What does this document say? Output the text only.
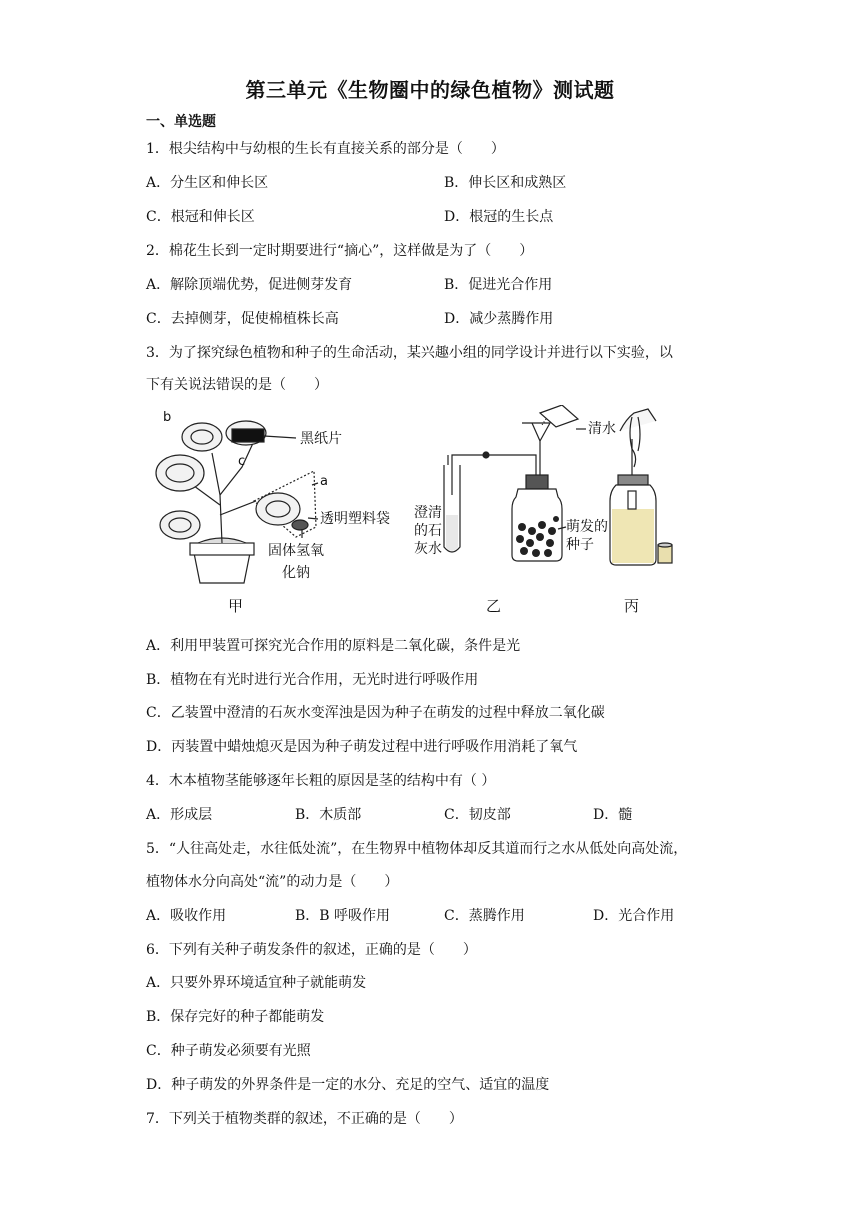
第三单元《生物圈中的绿色植物》测试题
一、单选题
1．根尖结构中与幼根的生长有直接关系的部分是（　　）
A．分生区和伸长区	B．伸长区和成熟区
C．根冠和伸长区	D．根冠的生长点
2．棉花生长到一定时期要进行“摘心”，这样做是为了（　　）
A．解除顶端优势，促进侧芽发育	B．促进光合作用
C．去掉侧芽，促使棉植株长高	D．减少蒸腾作用
3．为了探究绿色植物和种子的生命活动，某兴趣小组的同学设计并进行以下实验，以
下有关说法错误的是（　　）
b
c
a
黑纸片
透明塑料袋
固体氢氧
化钠
清水
澄清
的石
灰水
萌发的
种子
甲	乙	丙
A．利用甲装置可探究光合作用的原料是二氧化碳，条件是光
B．植物在有光时进行光合作用，无光时进行呼吸作用
C．乙装置中澄清的石灰水变浑浊是因为种子在萌发的过程中释放二氧化碳
D．丙装置中蜡烛熄灭是因为种子萌发过程中进行呼吸作用消耗了氧气
4．木本植物茎能够逐年长粗的原因是茎的结构中有（ ）
A．形成层	B．木质部	C．韧皮部	D．髓
5．“人往高处走，水往低处流”，在生物界中植物体却反其道而行之水从低处向高处流，
植物体水分向高处“流”的动力是（　　）
A．吸收作用	B．B 呼吸作用	C．蒸腾作用	D．光合作用
6．下列有关种子萌发条件的叙述，正确的是（　　）
A．只要外界环境适宜种子就能萌发
B．保存完好的种子都能萌发
C．种子萌发必须要有光照
D．种子萌发的外界条件是一定的水分、充足的空气、适宜的温度
7．下列关于植物类群的叙述，不正确的是（　　）
